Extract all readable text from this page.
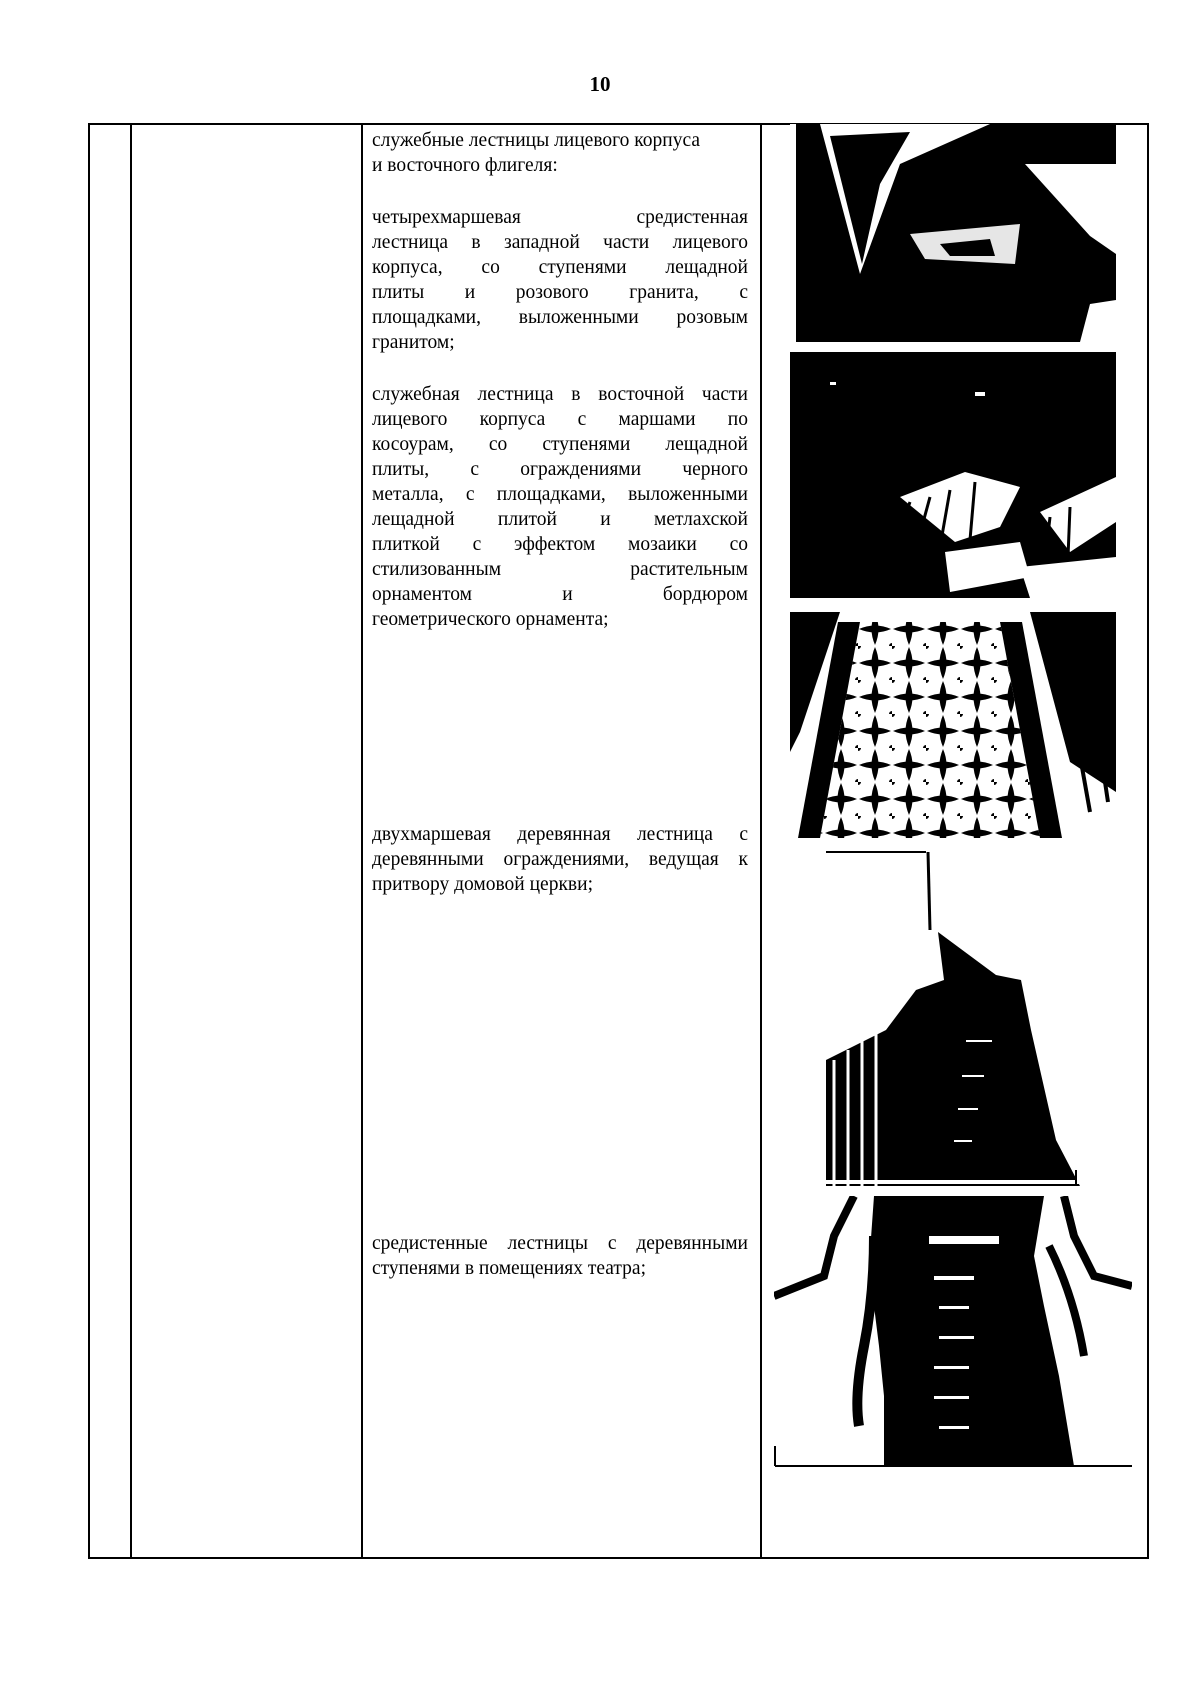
10
служебные лестницы лицевого корпуса
и восточного флигеля:
четырехмаршевая средистенная
лестница в западной части лицевого
корпуса, со ступенями лещадной
плиты и розового гранита, с
площадками, выложенными розовым
гранитом;
служебная лестница в восточной части
лицевого корпуса с маршами по
косоурам, со ступенями лещадной
плиты, с ограждениями черного
металла, с площадками, выложенными
лещадной плитой и метлахской
плиткой с эффектом мозаики со
стилизованным растительным
орнаментом и бордюром
геометрического орнамента;
двухмаршевая деревянная лестница с
деревянными ограждениями, ведущая к
притвору домовой церкви;
средистенные лестницы с деревянными
ступенями в помещениях театра;
